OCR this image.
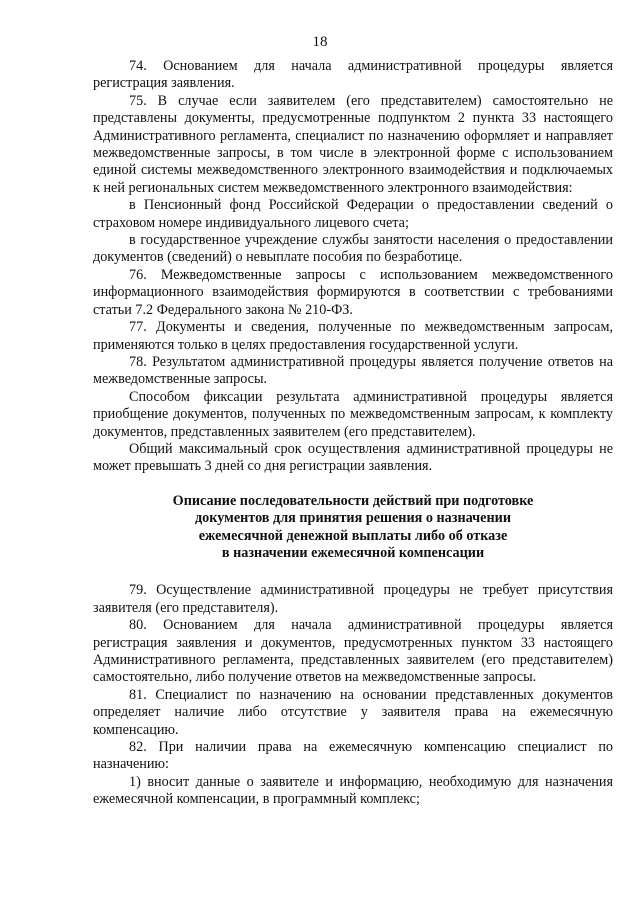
18

74. Основанием для начала административной процедуры является регистрация заявления.

75. В случае если заявителем (его представителем) самостоятельно не представлены документы, предусмотренные подпунктом 2 пункта 33 настоящего Административного регламента, специалист по назначению оформляет и направляет межведомственные запросы, в том числе в электронной форме с использованием единой системы межведомственного электронного взаимодействия и подключаемых к ней региональных систем межведомственного электронного взаимодействия:

в Пенсионный фонд Российской Федерации о предоставлении сведений о страховом номере индивидуального лицевого счета;

в государственное учреждение службы занятости населения о предоставлении документов (сведений) о невыплате пособия по безработице.

76. Межведомственные запросы с использованием межведомственного информационного взаимодействия формируются в соответствии с требованиями статьи 7.2 Федерального закона № 210-ФЗ.

77. Документы и сведения, полученные по межведомственным запросам, применяются только в целях предоставления государственной услуги.

78. Результатом административной процедуры является получение ответов на межведомственные запросы.

Способом фиксации результата административной процедуры является приобщение документов, полученных по межведомственным запросам, к комплекту документов, представленных заявителем (его представителем).

Общий максимальный срок осуществления административной процедуры не может превышать 3 дней со дня регистрации заявления.

Описание последовательности действий при подготовке
документов для принятия решения о назначении
ежемесячной денежной выплаты либо об отказе
в назначении ежемесячной компенсации

79. Осуществление административной процедуры не требует присутствия заявителя (его представителя).

80. Основанием для начала административной процедуры является регистрация заявления и документов, предусмотренных пунктом 33 настоящего Административного регламента, представленных заявителем (его представителем) самостоятельно, либо получение ответов на межведомственные запросы.

81. Специалист по назначению на основании представленных документов определяет наличие либо отсутствие у заявителя права на ежемесячную компенсацию.

82. При наличии права на ежемесячную компенсацию специалист по назначению:

1) вносит данные о заявителе и информацию, необходимую для назначения ежемесячной компенсации, в программный комплекс;
